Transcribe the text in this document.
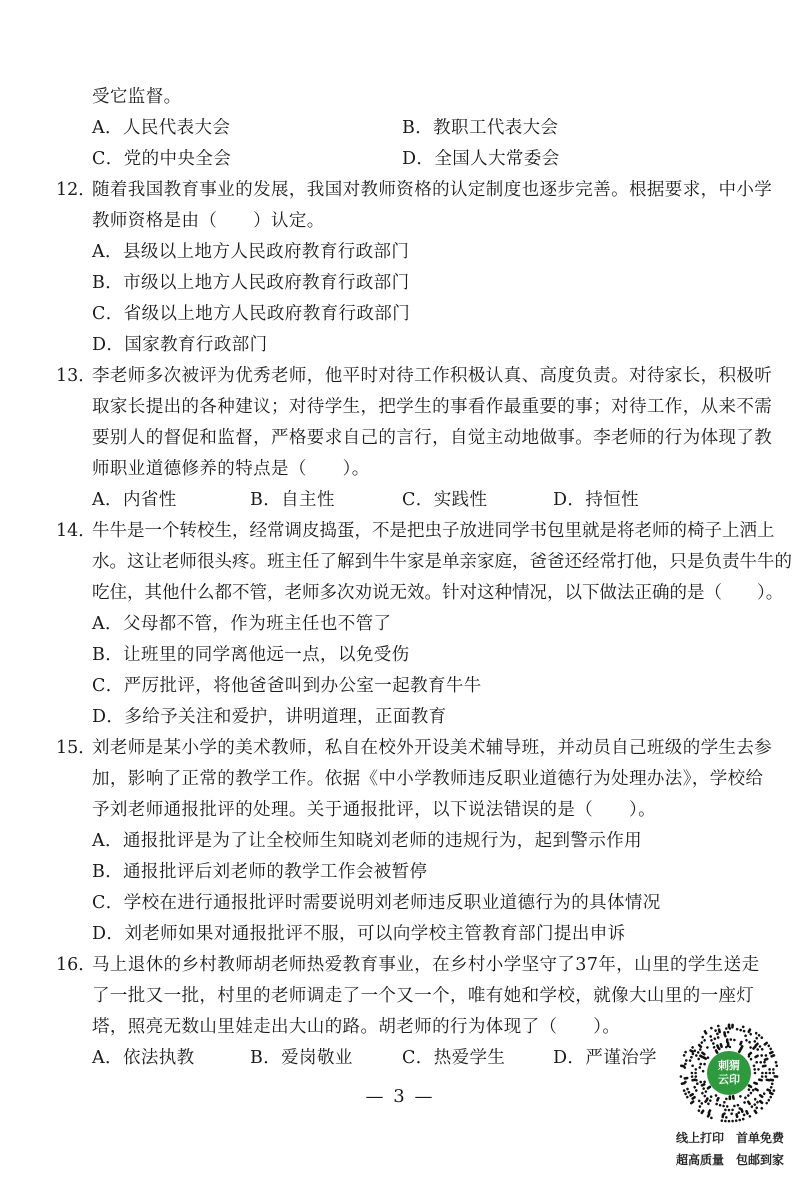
受它监督。
A．人民代表大会	B．教职工代表大会
C．党的中央全会	D．全国人大常委会
12．
随着我国教育事业的发展，我国对教师资格的认定制度也逐步完善。根据要求，中小学
教师资格是由（　　）认定。
A．县级以上地方人民政府教育行政部门
B．市级以上地方人民政府教育行政部门
C．省级以上地方人民政府教育行政部门
D．国家教育行政部门
13．
李老师多次被评为优秀老师，他平时对待工作积极认真、高度负责。对待家长，积极听
取家长提出的各种建议；对待学生，把学生的事看作最重要的事；对待工作，从来不需
要别人的督促和监督，严格要求自己的言行，自觉主动地做事。李老师的行为体现了教
师职业道德修养的特点是（　　）。
A．内省性	B．自主性	C．实践性	D．持恒性
14．
牛牛是一个转校生，经常调皮捣蛋，不是把虫子放进同学书包里就是将老师的椅子上洒上
水。这让老师很头疼。班主任了解到牛牛家是单亲家庭，爸爸还经常打他，只是负责牛牛的
吃住，其他什么都不管，老师多次劝说无效。针对这种情况，以下做法正确的是（　　）。
A．父母都不管，作为班主任也不管了
B．让班里的同学离他远一点，以免受伤
C．严厉批评，将他爸爸叫到办公室一起教育牛牛
D．多给予关注和爱护，讲明道理，正面教育
15．
刘老师是某小学的美术教师，私自在校外开设美术辅导班，并动员自己班级的学生去参
加，影响了正常的教学工作。依据《中小学教师违反职业道德行为处理办法》，学校给
予刘老师通报批评的处理。关于通报批评，以下说法错误的是（　　）。
A．通报批评是为了让全校师生知晓刘老师的违规行为，起到警示作用
B．通报批评后刘老师的教学工作会被暂停
C．学校在进行通报批评时需要说明刘老师违反职业道德行为的具体情况
D．刘老师如果对通报批评不服，可以向学校主管教育部门提出申诉
16．
马上退休的乡村教师胡老师热爱教育事业，在乡村小学坚守了37年，山里的学生送走
了一批又一批，村里的老师调走了一个又一个，唯有她和学校，就像大山里的一座灯
塔，照亮无数山里娃走出大山的路。胡老师的行为体现了（　　）。
A．依法执教	B．爱岗敬业	C．热爱学生	D．严谨治学
— 3 —
刺猬
云印
线上打印　首单免费
超高质量　包邮到家
